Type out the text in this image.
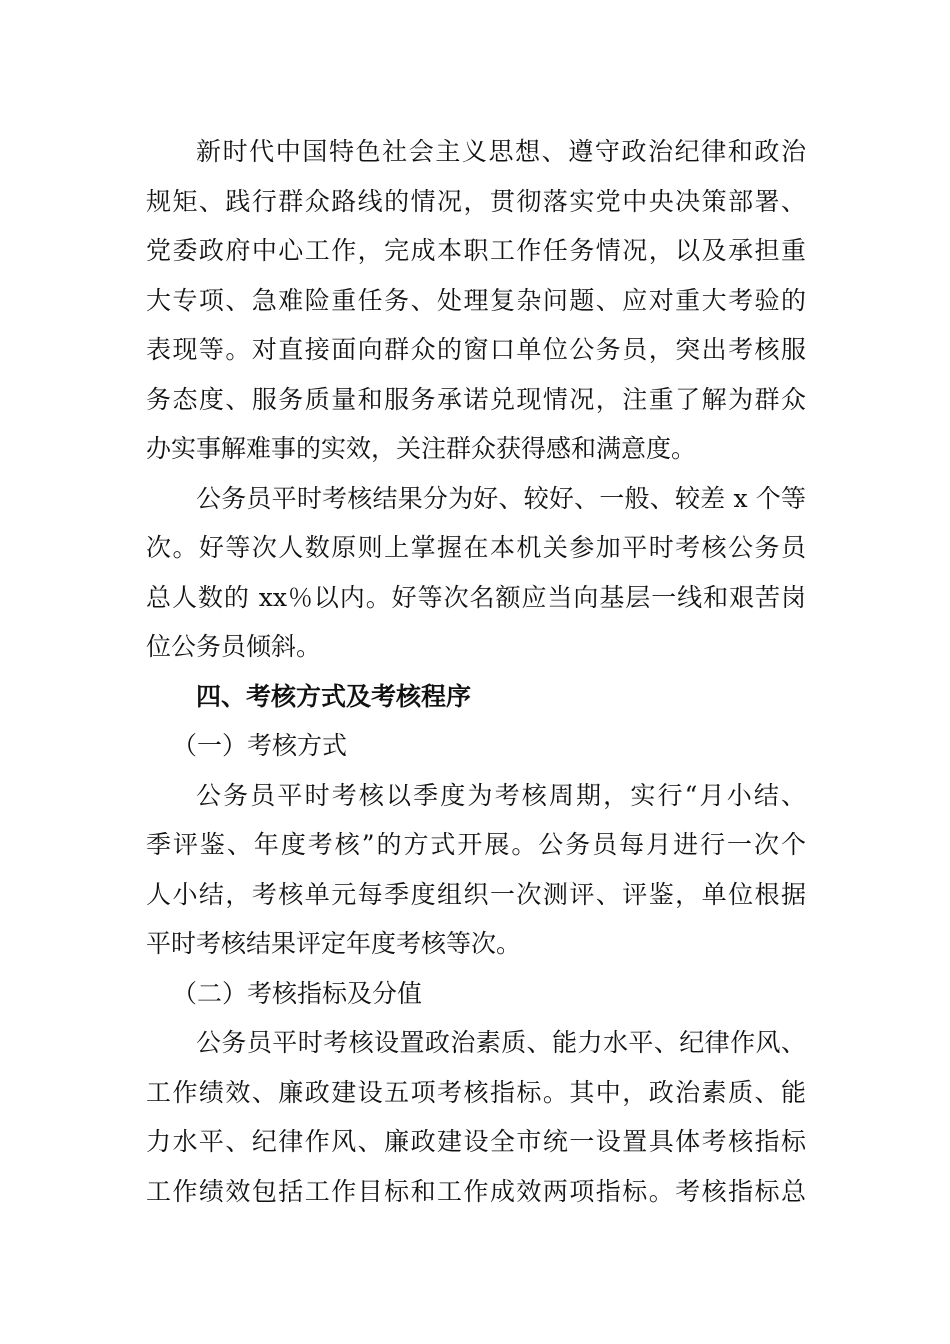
新时代中国特色社会主义思想、遵守政治纪律和政治
规矩、践行群众路线的情况，贯彻落实党中央决策部署、
党委政府中心工作，完成本职工作任务情况，以及承担重
大专项、急难险重任务、处理复杂问题、应对重大考验的
表现等。对直接面向群众的窗口单位公务员，突出考核服
务态度、服务质量和服务承诺兑现情况，注重了解为群众
办实事解难事的实效，关注群众获得感和满意度。
公务员平时考核结果分为好、较好、一般、较差 x 个等
次。好等次人数原则上掌握在本机关参加平时考核公务员
总人数的 xx％以内。好等次名额应当向基层一线和艰苦岗
位公务员倾斜。
四、考核方式及考核程序
（一）考核方式
公务员平时考核以季度为考核周期，实行“月小结、
季评鉴、年度考核”的方式开展。公务员每月进行一次个
人小结，考核单元每季度组织一次测评、评鉴，单位根据
平时考核结果评定年度考核等次。
（二）考核指标及分值
公务员平时考核设置政治素质、能力水平、纪律作风、
工作绩效、廉政建设五项考核指标。其中，政治素质、能
力水平、纪律作风、廉政建设全市统一设置具体考核指标
工作绩效包括工作目标和工作成效两项指标。考核指标总
